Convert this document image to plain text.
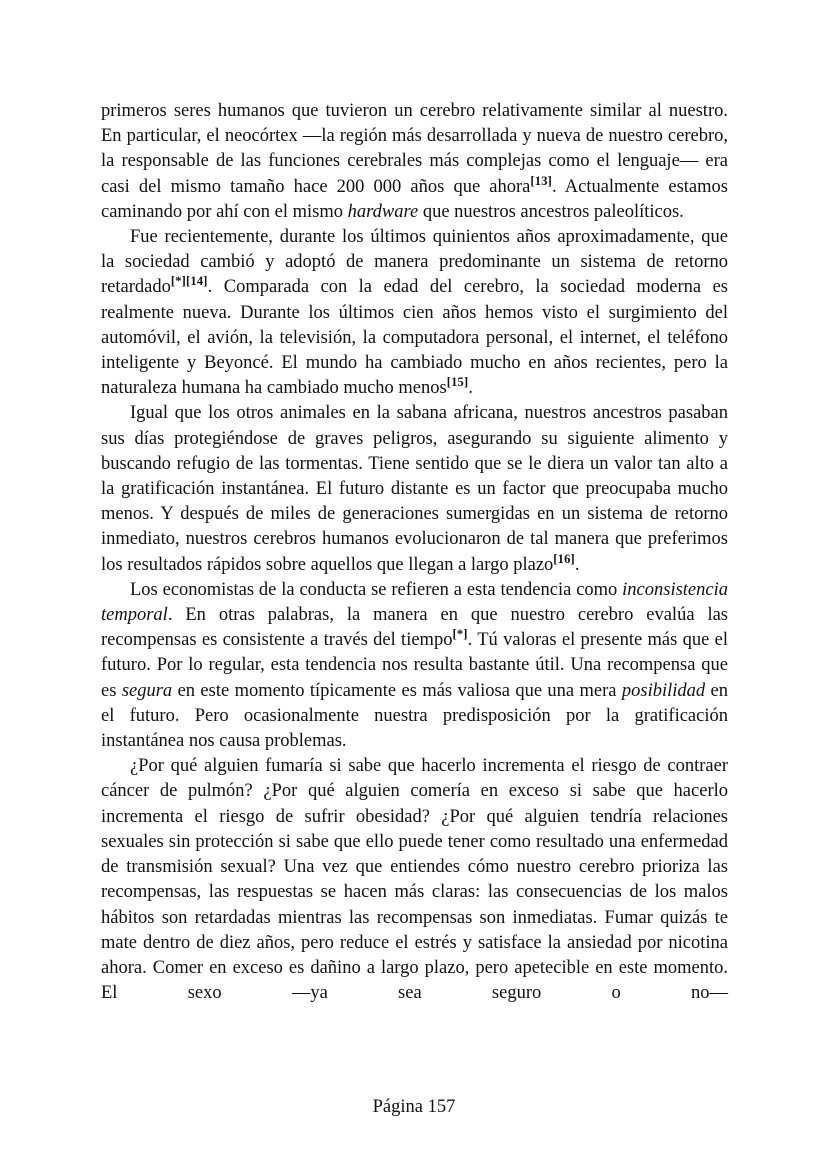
primeros seres humanos que tuvieron un cerebro relativamente similar al nuestro. En particular, el neocórtex —la región más desarrollada y nueva de nuestro cerebro, la responsable de las funciones cerebrales más complejas como el lenguaje— era casi del mismo tamaño hace 200 000 años que ahora[13]. Actualmente estamos caminando por ahí con el mismo hardware que nuestros ancestros paleolíticos.

Fue recientemente, durante los últimos quinientos años aproximadamente, que la sociedad cambió y adoptó de manera predominante un sistema de retorno retardado[*][14]. Comparada con la edad del cerebro, la sociedad moderna es realmente nueva. Durante los últimos cien años hemos visto el surgimiento del automóvil, el avión, la televisión, la computadora personal, el internet, el teléfono inteligente y Beyoncé. El mundo ha cambiado mucho en años recientes, pero la naturaleza humana ha cambiado mucho menos[15].

Igual que los otros animales en la sabana africana, nuestros ancestros pasaban sus días protegiéndose de graves peligros, asegurando su siguiente alimento y buscando refugio de las tormentas. Tiene sentido que se le diera un valor tan alto a la gratificación instantánea. El futuro distante es un factor que preocupaba mucho menos. Y después de miles de generaciones sumergidas en un sistema de retorno inmediato, nuestros cerebros humanos evolucionaron de tal manera que preferimos los resultados rápidos sobre aquellos que llegan a largo plazo[16].

Los economistas de la conducta se refieren a esta tendencia como inconsistencia temporal. En otras palabras, la manera en que nuestro cerebro evalúa las recompensas es consistente a través del tiempo[*]. Tú valoras el presente más que el futuro. Por lo regular, esta tendencia nos resulta bastante útil. Una recompensa que es segura en este momento típicamente es más valiosa que una mera posibilidad en el futuro. Pero ocasionalmente nuestra predisposición por la gratificación instantánea nos causa problemas.

¿Por qué alguien fumaría si sabe que hacerlo incrementa el riesgo de contraer cáncer de pulmón? ¿Por qué alguien comería en exceso si sabe que hacerlo incrementa el riesgo de sufrir obesidad? ¿Por qué alguien tendría relaciones sexuales sin protección si sabe que ello puede tener como resultado una enfermedad de transmisión sexual? Una vez que entiendes cómo nuestro cerebro prioriza las recompensas, las respuestas se hacen más claras: las consecuencias de los malos hábitos son retardadas mientras las recompensas son inmediatas. Fumar quizás te mate dentro de diez años, pero reduce el estrés y satisface la ansiedad por nicotina ahora. Comer en exceso es dañino a largo plazo, pero apetecible en este momento. El sexo —ya sea seguro o no—

Página 157
